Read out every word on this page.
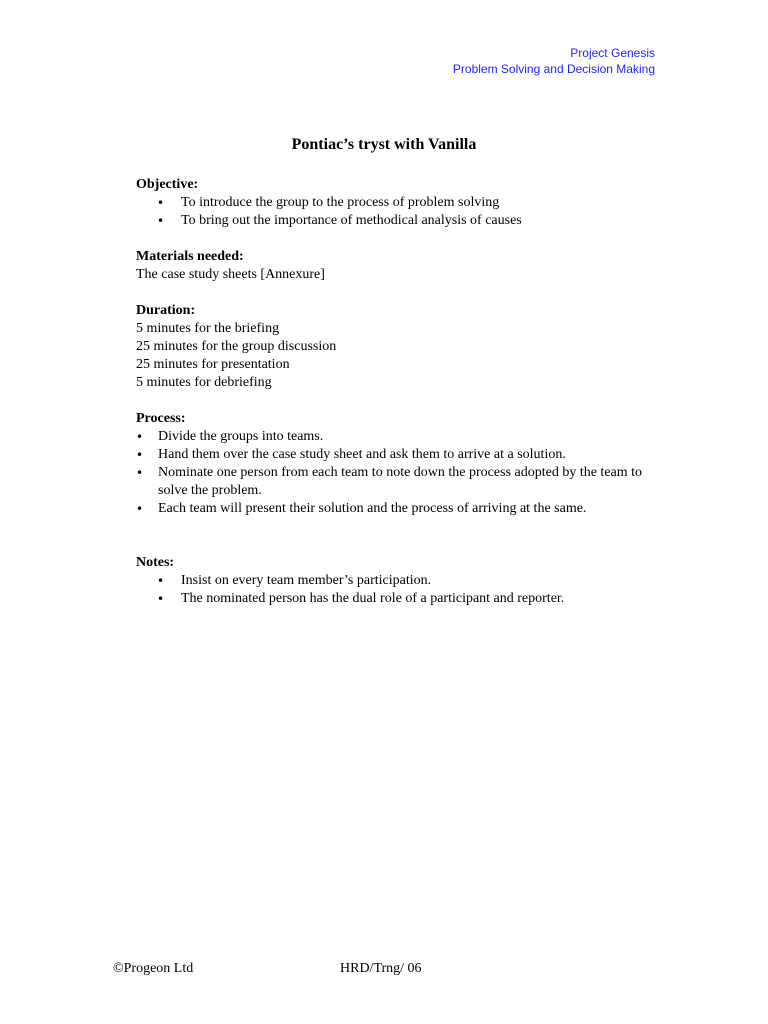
Project Genesis
Problem Solving and Decision Making
Pontiac’s tryst with Vanilla
Objective:
• To introduce the group to the process of problem solving
• To bring out the importance of methodical analysis of causes
Materials needed:
The case study sheets [Annexure]
Duration:
5 minutes for the briefing
25 minutes for the group discussion
25 minutes for presentation
5 minutes for debriefing
Process:
• Divide the groups into teams.
• Hand them over the case study sheet and ask them to arrive at a solution.
• Nominate one person from each team to note down the process adopted by the team to solve the problem.
• Each team will present their solution and the process of arriving at the same.
Notes:
• Insist on every team member’s participation.
• The nominated person has the dual role of a participant and reporter.
©Progeon Ltd	HRD/Trng/ 06
